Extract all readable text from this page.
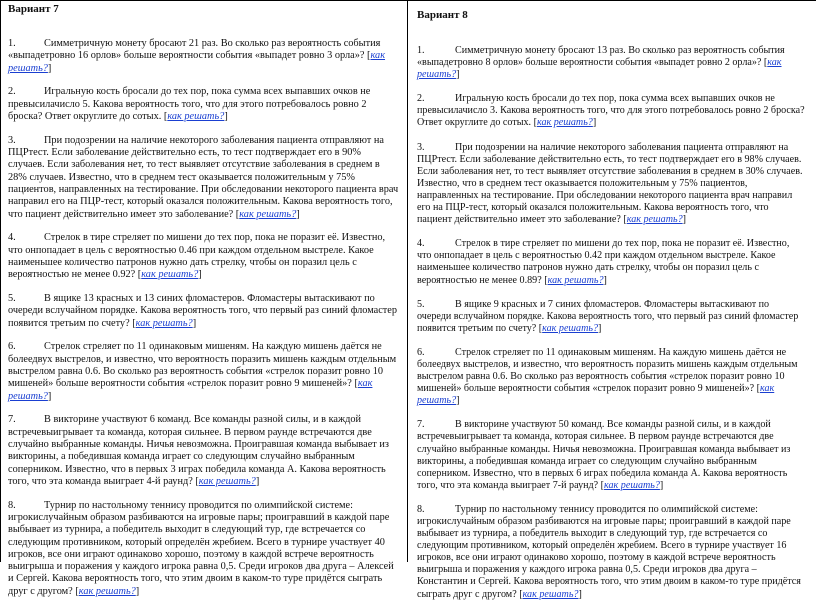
Вариант 7
1.	Симметричную монету бросают 21 раз. Во сколько раз вероятность события «выпадетровно 16 орлов» больше вероятности события «выпадет ровно 3 орла»? [как решать?]
2.	Игральную кость бросали до тех пор, пока сумма всех выпавших очков не превысилачисло 5. Какова вероятность того, что для этого потребовалось ровно 2 броска? Ответ округлите до сотых. [как решать?]
3.	При подозрении на наличие некоторого заболевания пациента отправляют на ПЦРтест. Если заболевание действительно есть, то тест подтверждает его в 90% случаев. Если заболевания нет, то тест выявляет отсутствие заболевания в среднем в 28% случаев. Известно, что в среднем тест оказывается положительным у 75% пациентов, направленных на тестирование. При обследовании некоторого пациента врач направил его на ПЦР-тест, который оказался положительным. Какова вероятность того, что пациент действительно имеет это заболевание? [как решать?]
4.	Стрелок в тире стреляет по мишени до тех пор, пока не поразит её. Известно, что онпопадает в цель с вероятностью 0.46 при каждом отдельном выстреле. Какое наименьшее количество патронов нужно дать стрелку, чтобы он поразил цель с вероятностью не менее 0.92? [как решать?]
5.	В ящике 13 красных и 13 синих фломастеров. Фломастеры вытаскивают по очереди вслучайном порядке. Какова вероятность того, что первый раз синий фломастер появится третьим по счету? [как решать?]
6.	Стрелок стреляет по 11 одинаковым мишеням. На каждую мишень даётся не болеедвух выстрелов, и известно, что вероятность поразить мишень каждым отдельным выстрелом равна 0.6. Во сколько раз вероятность события «стрелок поразит ровно 10 мишеней» больше вероятности события «стрелок поразит ровно 9 мишеней»? [как решать?]
7.	В викторине участвуют 6 команд. Все команды разной силы, и в каждой встречевыигрывает та команда, которая сильнее. В первом раунде встречаются две случайно выбранные команды. Ничья невозможна. Проигравшая команда выбывает из викторины, а победившая команда играет со следующим случайно выбранным соперником. Известно, что в первых 3 играх победила команда А. Какова вероятность того, что эта команда выиграет 4-й раунд? [как решать?]
8.	Турнир по настольному теннису проводится по олимпийской системе: игрокислучайным образом разбиваются на игровые пары; проигравший в каждой паре выбывает из турнира, а победитель выходит в следующий тур, где встречается со следующим противником, который определён жребием. Всего в турнире участвует 40 игроков, все они играют одинаково хорошо, поэтому в каждой встрече вероятность выигрыша и поражения у каждого игрока равна 0,5. Среди игроков два друга – Алексей и Сергей. Какова вероятность того, что этим двоим в каком-то туре придётся сыграть друг с другом? [как решать?]
Вариант 8
1.	Симметричную монету бросают 13 раз. Во сколько раз вероятность события «выпадетровно 8 орлов» больше вероятности события «выпадет ровно 2 орла»? [как решать?]
2.	Игральную кость бросали до тех пор, пока сумма всех выпавших очков не превысилачисло 3. Какова вероятность того, что для этого потребовалось ровно 2 броска? Ответ округлите до сотых. [как решать?]
3.	При подозрении на наличие некоторого заболевания пациента отправляют на ПЦРтест. Если заболевание действительно есть, то тест подтверждает его в 98% случаев. Если заболевания нет, то тест выявляет отсутствие заболевания в среднем в 30% случаев. Известно, что в среднем тест оказывается положительным у 75% пациентов, направленных на тестирование. При обследовании некоторого пациента врач направил его на ПЦР-тест, который оказался положительным. Какова вероятность того, что пациент действительно имеет это заболевание? [как решать?]
4.	Стрелок в тире стреляет по мишени до тех пор, пока не поразит её. Известно, что онпопадает в цель с вероятностью 0.42 при каждом отдельном выстреле. Какое наименьшее количество патронов нужно дать стрелку, чтобы он поразил цель с вероятностью не менее 0.89? [как решать?]
5.	В ящике 9 красных и 7 синих фломастеров. Фломастеры вытаскивают по очереди вслучайном порядке. Какова вероятность того, что первый раз синий фломастер появится третьим по счету? [как решать?]
6.	Стрелок стреляет по 11 одинаковым мишеням. На каждую мишень даётся не болеедвух выстрелов, и известно, что вероятность поразить мишень каждым отдельным выстрелом равна 0.6. Во сколько раз вероятность события «стрелок поразит ровно 10 мишеней» больше вероятности события «стрелок поразит ровно 9 мишеней»? [как решать?]
7.	В викторине участвуют 50 команд. Все команды разной силы, и в каждой встречевыигрывает та команда, которая сильнее. В первом раунде встречаются две случайно выбранные команды. Ничья невозможна. Проигравшая команда выбывает из викторины, а победившая команда играет со следующим случайно выбранным соперником. Известно, что в первых 6 играх победила команда А. Какова вероятность того, что эта команда выиграет 7-й раунд? [как решать?]
8.	Турнир по настольному теннису проводится по олимпийской системе: игрокислучайным образом разбиваются на игровые пары; проигравший в каждой паре выбывает из турнира, а победитель выходит в следующий тур, где встречается со следующим противником, который определён жребием. Всего в турнире участвует 16 игроков, все они играют одинаково хорошо, поэтому в каждой встрече вероятность выигрыша и поражения у каждого игрока равна 0,5. Среди игроков два друга – Константин и Сергей. Какова вероятность того, что этим двоим в каком-то туре придётся сыграть друг с другом? [как решать?]
